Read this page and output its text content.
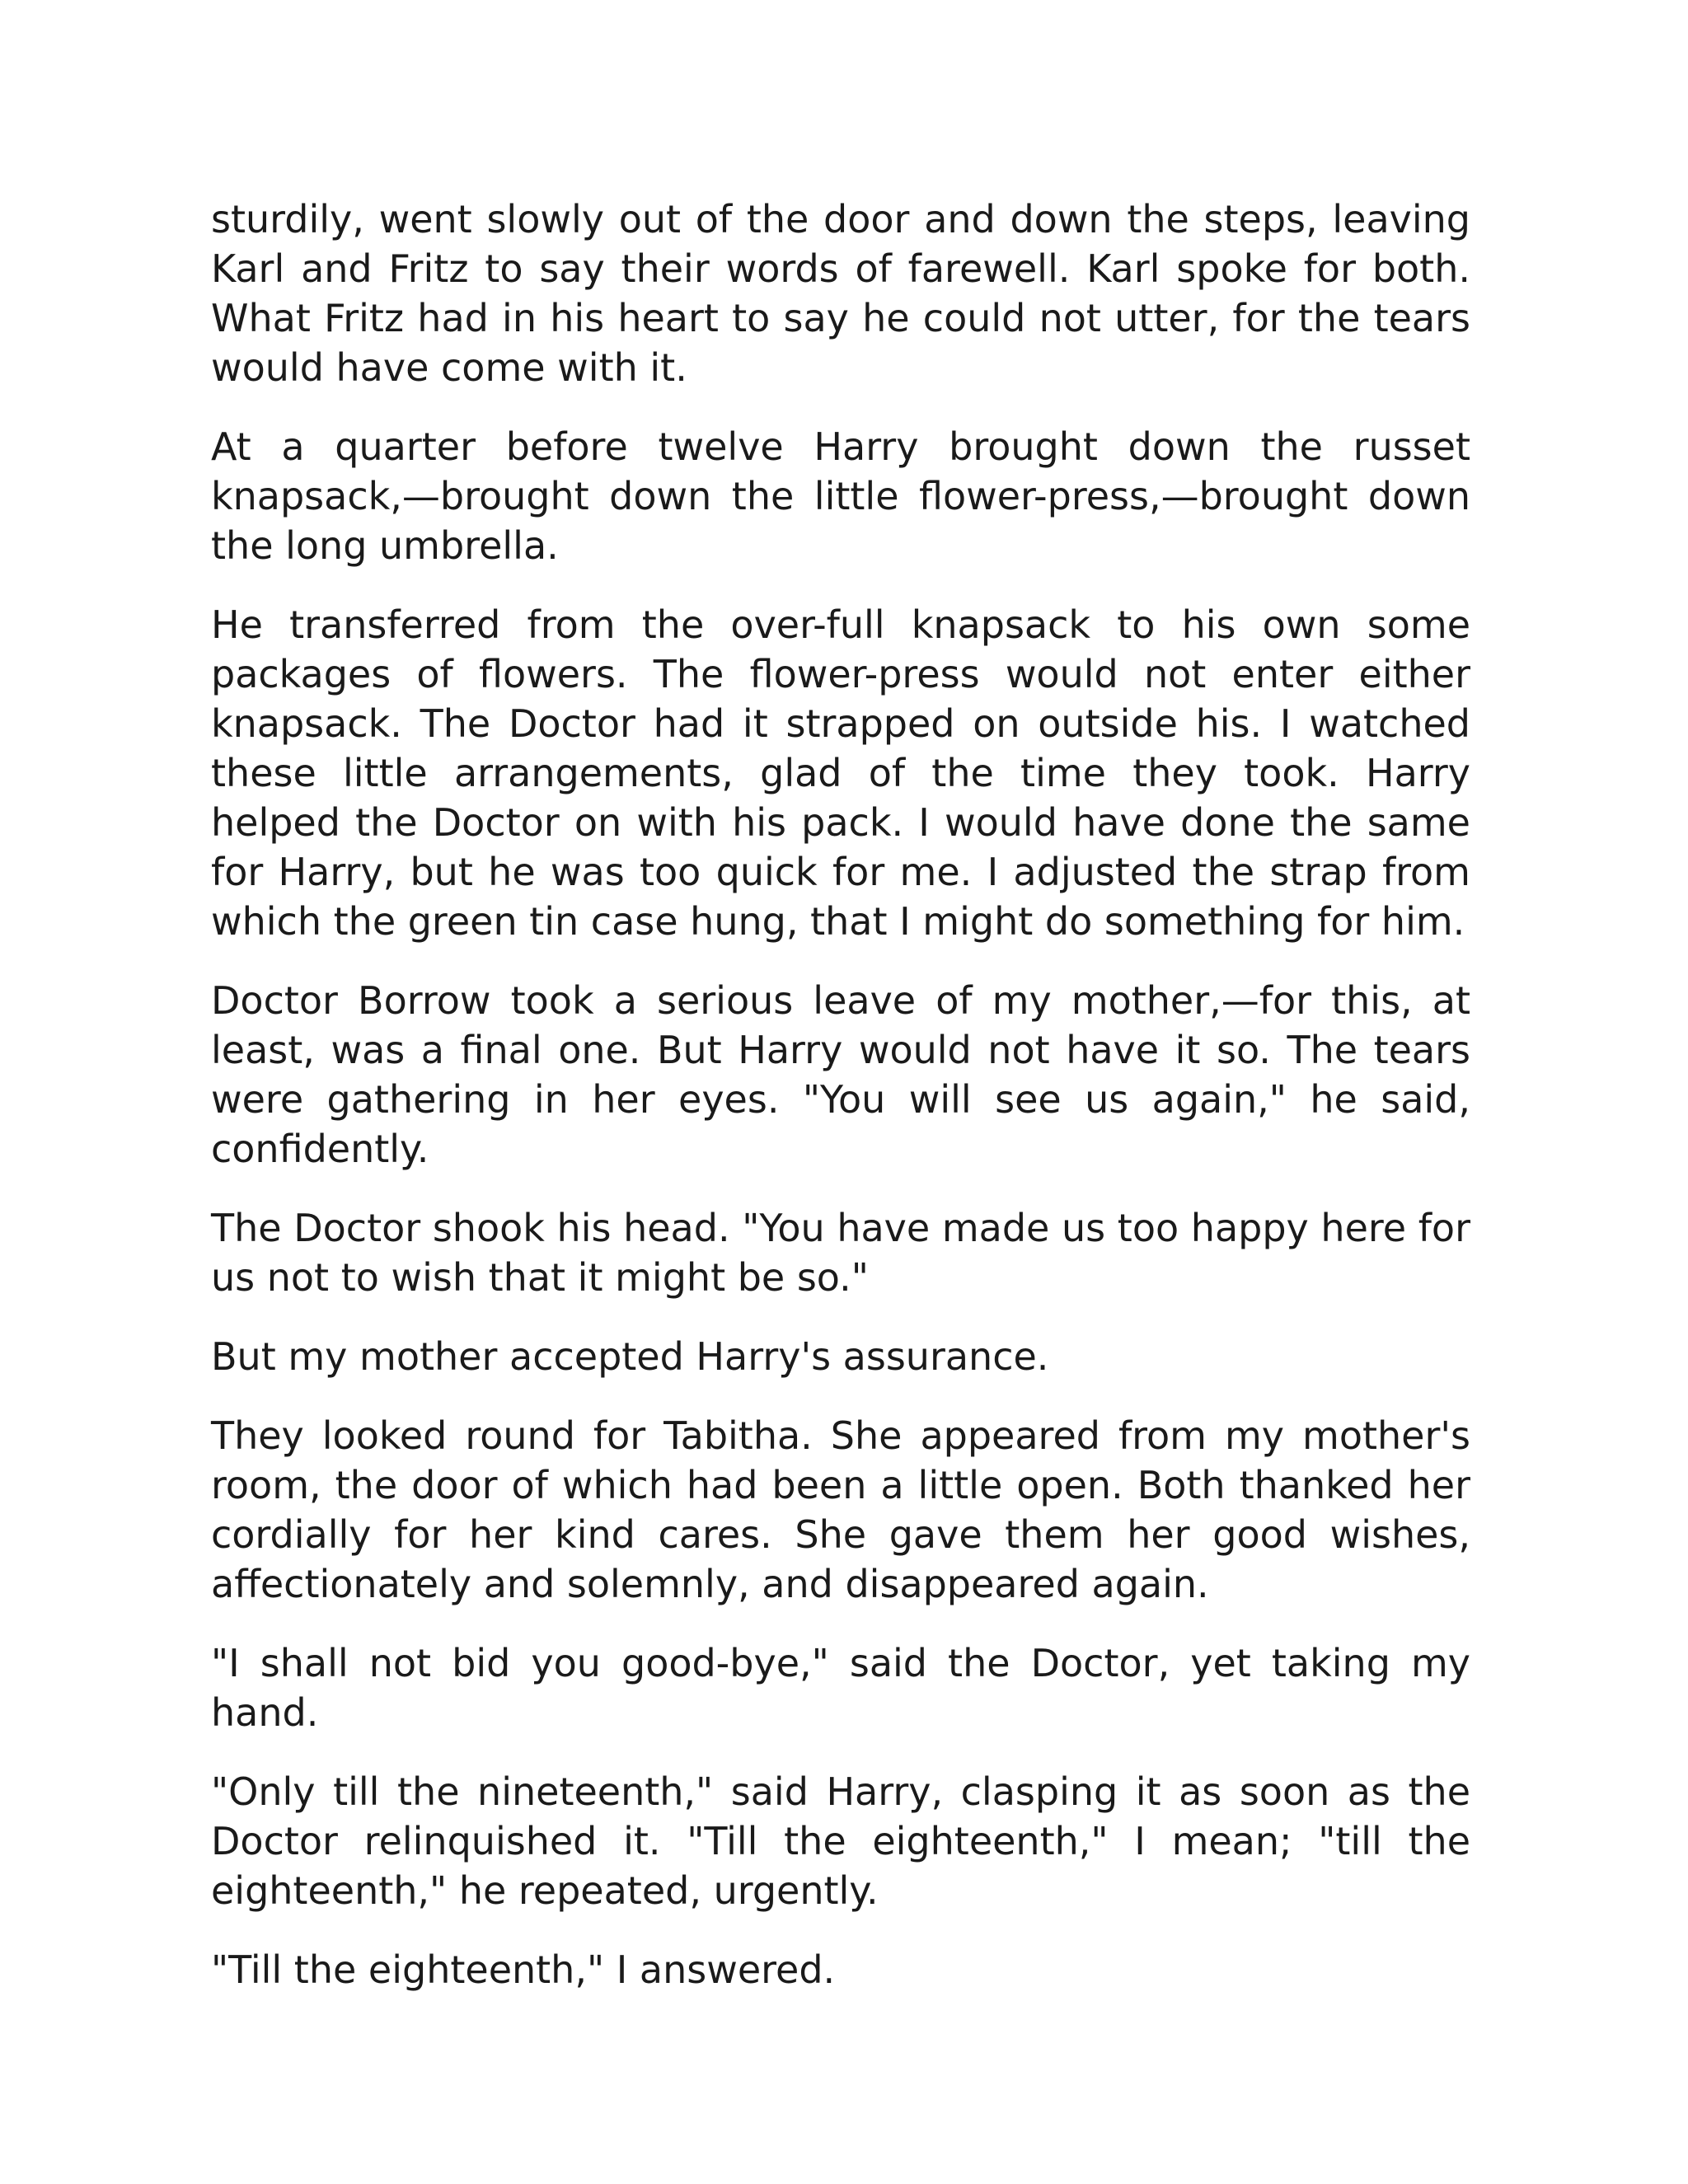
sturdily, went slowly out of the door and down the steps, leaving Karl and Fritz to say their words of farewell. Karl spoke for both. What Fritz had in his heart to say he could not utter, for the tears would have come with it.

At a quarter before twelve Harry brought down the russet knapsack,—brought down the little flower-press,—brought down the long umbrella.

He transferred from the over-full knapsack to his own some packages of flowers. The flower-press would not enter either knapsack. The Doctor had it strapped on outside his. I watched these little arrangements, glad of the time they took. Harry helped the Doctor on with his pack. I would have done the same for Harry, but he was too quick for me. I adjusted the strap from which the green tin case hung, that I might do something for him.

Doctor Borrow took a serious leave of my mother,—for this, at least, was a final one. But Harry would not have it so. The tears were gathering in her eyes. "You will see us again," he said, confidently.

The Doctor shook his head. "You have made us too happy here for us not to wish that it might be so."

But my mother accepted Harry's assurance.

They looked round for Tabitha. She appeared from my mother's room, the door of which had been a little open. Both thanked her cordially for her kind cares. She gave them her good wishes, affectionately and solemnly, and disappeared again.

"I shall not bid you good-bye," said the Doctor, yet taking my hand.

"Only till the nineteenth," said Harry, clasping it as soon as the Doctor relinquished it. "Till the eighteenth," I mean; "till the eighteenth," he repeated, urgently.

"Till the eighteenth," I answered.
